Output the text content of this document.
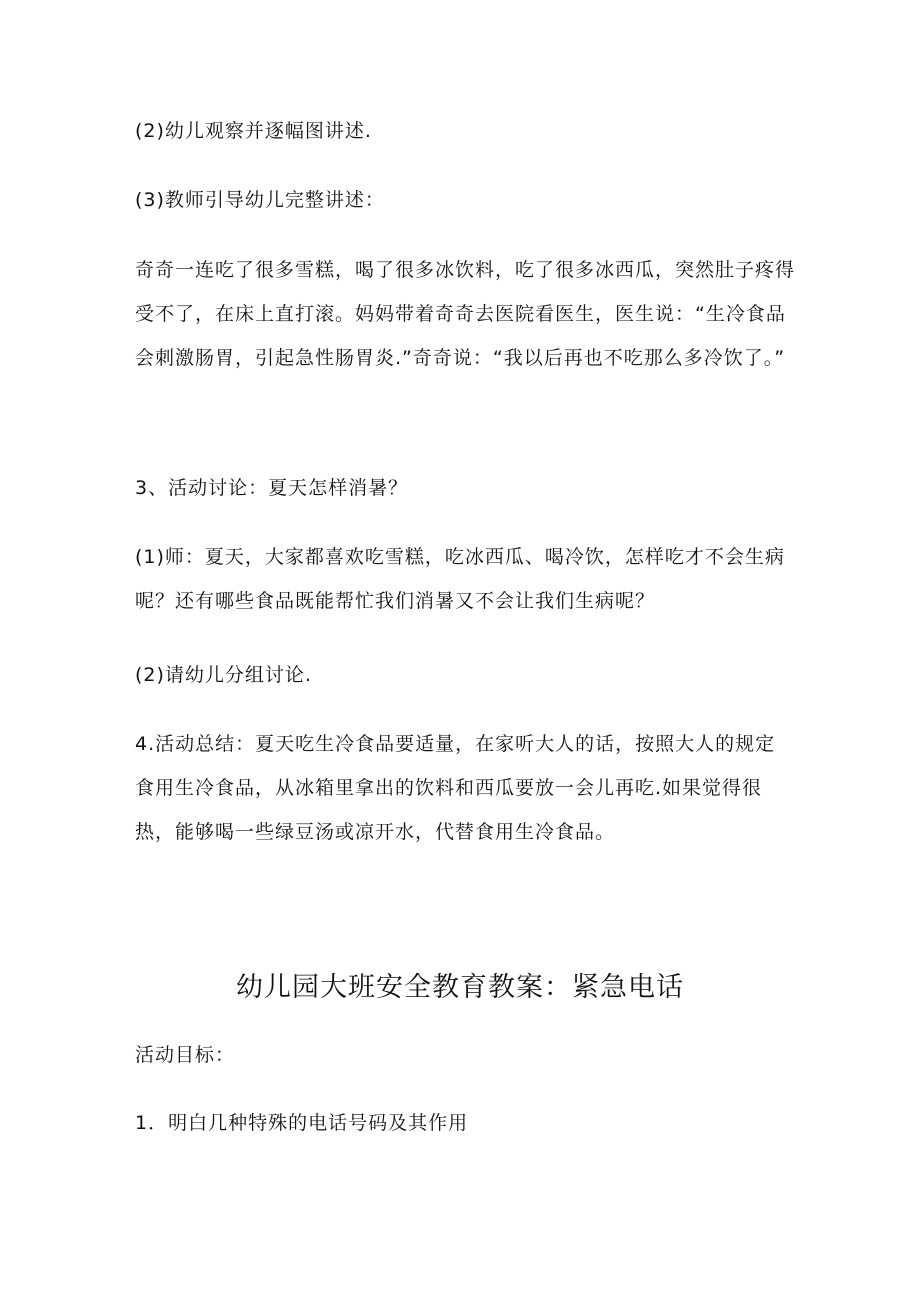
(2)幼儿观察并逐幅图讲述.

(3)教师引导幼儿完整讲述：

奇奇一连吃了很多雪糕，喝了很多冰饮料，吃了很多冰西瓜，突然肚子疼得受不了，在床上直打滚。妈妈带着奇奇去医院看医生，医生说：“生冷食品会刺激肠胃，引起急性肠胃炎.”奇奇说：“我以后再也不吃那么多冷饮了。”

3、活动讨论：夏天怎样消暑？

(1)师：夏天，大家都喜欢吃雪糕，吃冰西瓜、喝冷饮，怎样吃才不会生病呢？还有哪些食品既能帮忙我们消暑又不会让我们生病呢？

(2)请幼儿分组讨论.

4.活动总结：夏天吃生冷食品要适量，在家听大人的话，按照大人的规定食用生冷食品，从冰箱里拿出的饮料和西瓜要放一会儿再吃.如果觉得很热，能够喝一些绿豆汤或凉开水，代替食用生冷食品。

幼儿园大班安全教育教案：紧急电话

活动目标：

1．明白几种特殊的电话号码及其作用
